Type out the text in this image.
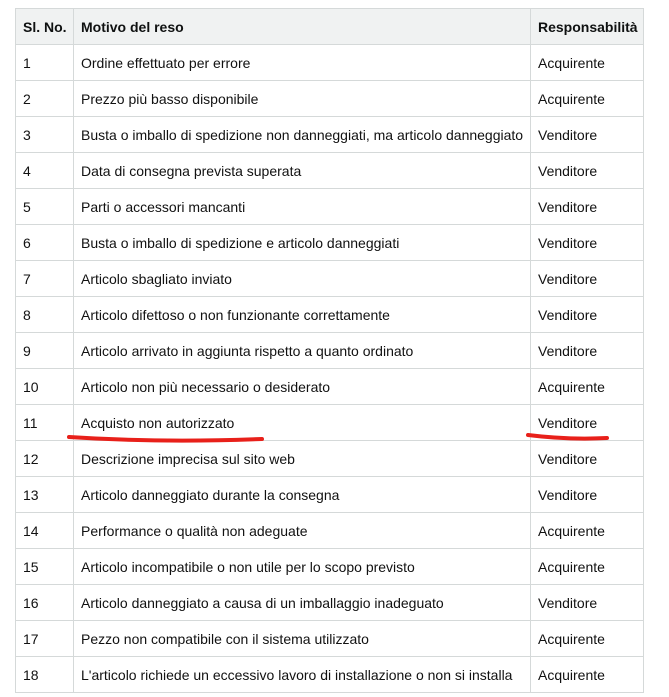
Sl. No.	Motivo del reso	Responsabilità
1	Ordine effettuato per errore	Acquirente
2	Prezzo più basso disponibile	Acquirente
3	Busta o imballo di spedizione non danneggiati, ma articolo danneggiato	Venditore
4	Data di consegna prevista superata	Venditore
5	Parti o accessori mancanti	Venditore
6	Busta o imballo di spedizione e articolo danneggiati	Venditore
7	Articolo sbagliato inviato	Venditore
8	Articolo difettoso o non funzionante correttamente	Venditore
9	Articolo arrivato in aggiunta rispetto a quanto ordinato	Venditore
10	Articolo non più necessario o desiderato	Acquirente
11	Acquisto non autorizzato	Venditore
12	Descrizione imprecisa sul sito web	Venditore
13	Articolo danneggiato durante la consegna	Venditore
14	Performance o qualità non adeguate	Acquirente
15	Articolo incompatibile o non utile per lo scopo previsto	Acquirente
16	Articolo danneggiato a causa di un imballaggio inadeguato	Venditore
17	Pezzo non compatibile con il sistema utilizzato	Acquirente
18	L'articolo richiede un eccessivo lavoro di installazione o non si installa	Acquirente
